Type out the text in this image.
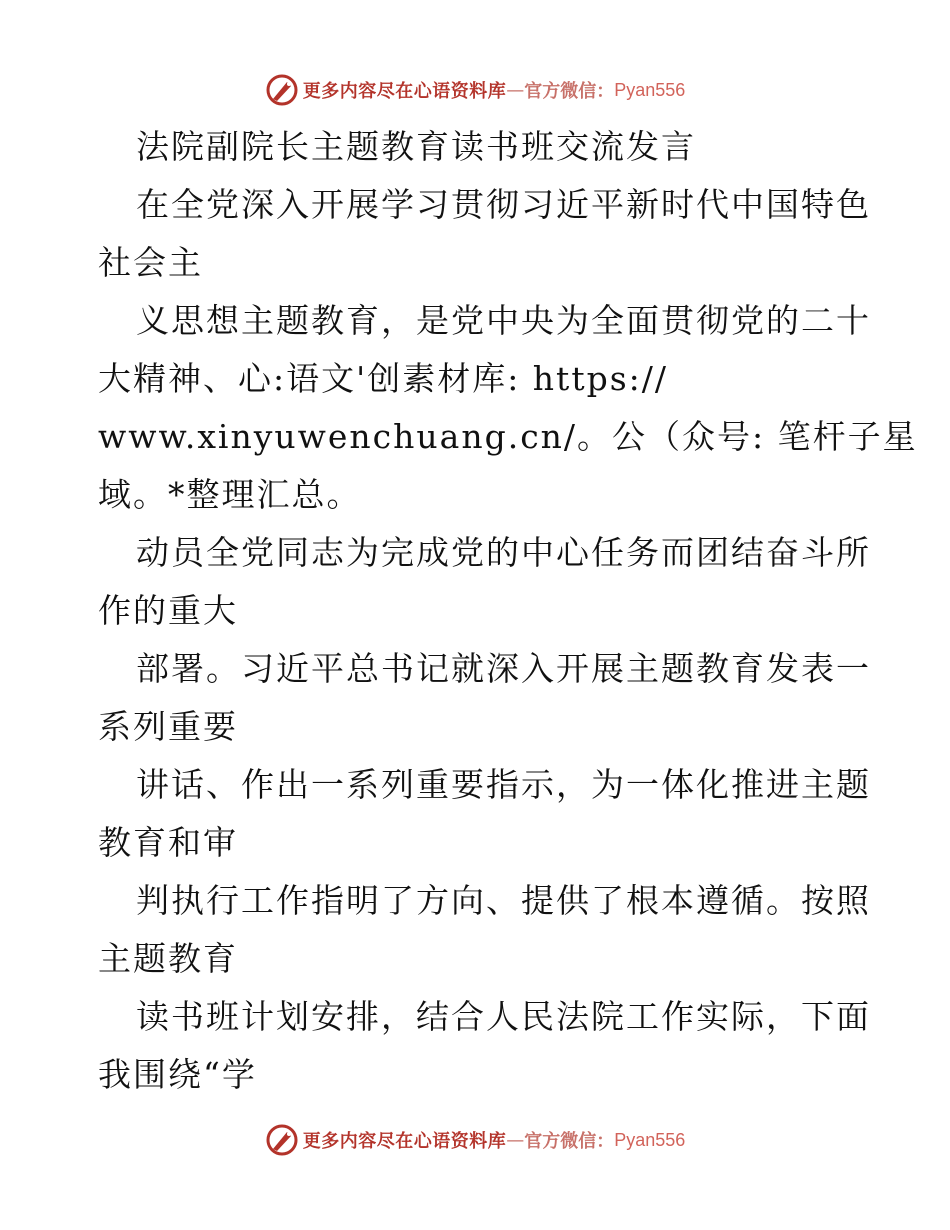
更多内容尽在心语资料库 — 官方微信： Pyan556
法院副院长主题教育读书班交流发言
在全党深入开展学习贯彻习近平新时代中国特色
社会主
义思想主题教育，是党中央为全面贯彻党的二十
大精神、心:语文'创素材库: https://
www.xinyuwenchuang.cn/。公（众号: 笔杆子星
域。*整理汇总。
动员全党同志为完成党的中心任务而团结奋斗所
作的重大
部署。习近平总书记就深入开展主题教育发表一
系列重要
讲话、作出一系列重要指示，为一体化推进主题
教育和审
判执行工作指明了方向、提供了根本遵循。按照
主题教育
读书班计划安排，结合人民法院工作实际，下面
我围绕“学
更多内容尽在心语资料库 — 官方微信： Pyan556
